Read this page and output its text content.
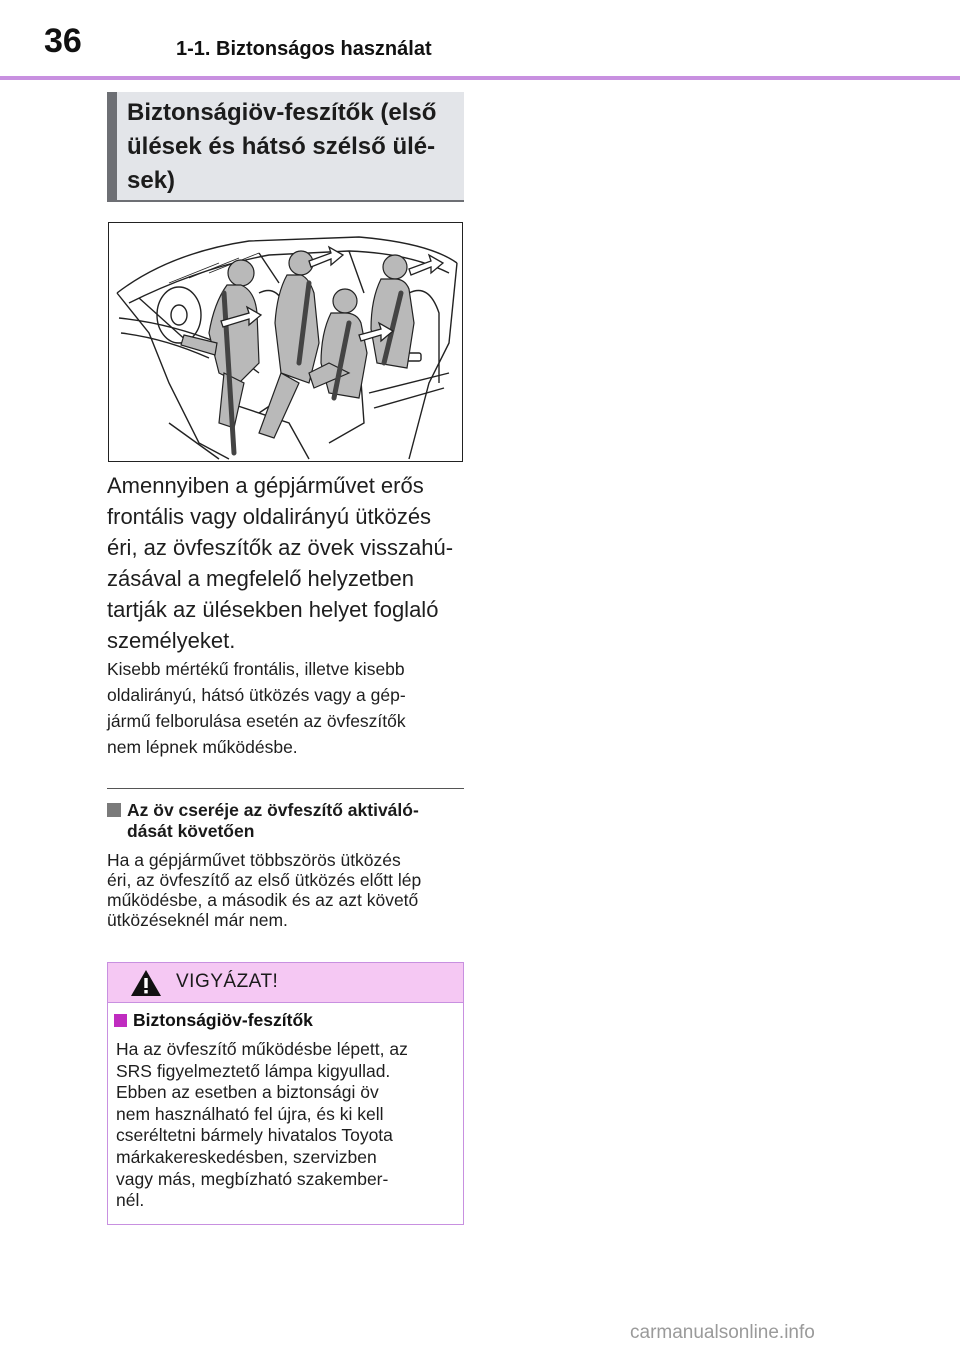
36	1-1. Biztonságos használat
Biztonságiöv-feszítők (első
ülések és hátsó szélső ülé-
sek)
Amennyiben a gépjárművet erős
frontális vagy oldalirányú ütközés
éri, az övfeszítők az övek visszahú-
zásával a megfelelő helyzetben
tartják az ülésekben helyet foglaló
személyeket.
Kisebb mértékű frontális, illetve kisebb
oldalirányú, hátsó ütközés vagy a gép-
jármű felborulása esetén az övfeszítők
nem lépnek működésbe.
Az öv cseréje az övfeszítő aktiváló-
dását követően
Ha a gépjárművet többszörös ütközés
éri, az övfeszítő az első ütközés előtt lép
működésbe, a második és az azt követő
ütközéseknél már nem.
VIGYÁZAT!
Biztonságiöv-feszítők
Ha az övfeszítő működésbe lépett, az
SRS figyelmeztető lámpa kigyullad.
Ebben az esetben a biztonsági öv
nem használható fel újra, és ki kell
cseréltetni bármely hivatalos Toyota
márkakereskedésben, szervizben
vagy más, megbízható szakember-
nél.
carmanualsonline.info
